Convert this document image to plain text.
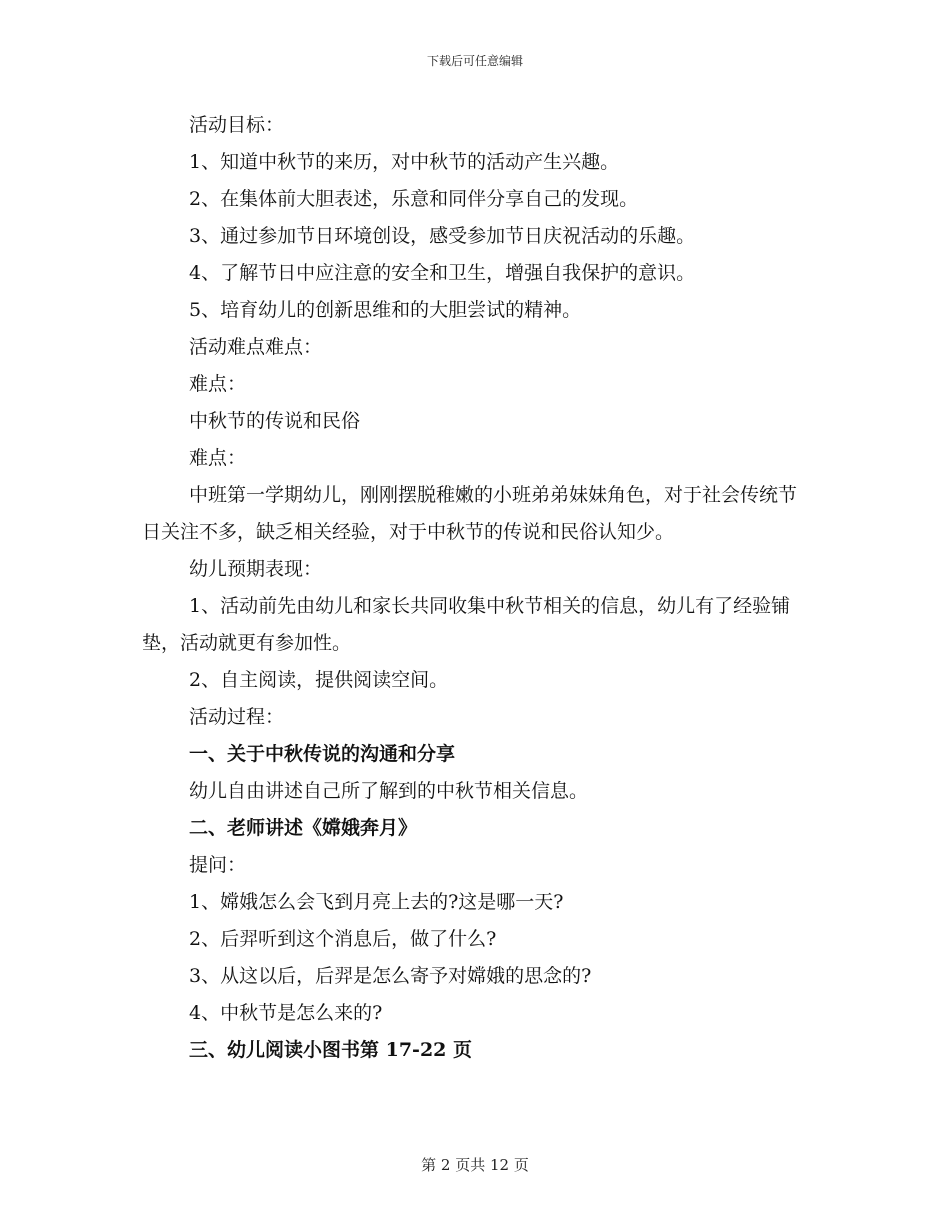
下载后可任意编辑

活动目标：

1、知道中秋节的来历，对中秋节的活动产生兴趣。

2、在集体前大胆表述，乐意和同伴分享自己的发现。

3、通过参加节日环境创设，感受参加节日庆祝活动的乐趣。

4、了解节日中应注意的安全和卫生，增强自我保护的意识。

5、培育幼儿的创新思维和的大胆尝试的精神。

活动难点难点：

难点：

中秋节的传说和民俗

难点：

中班第一学期幼儿，刚刚摆脱稚嫩的小班弟弟妹妹角色，对于社会传统节日关注不多，缺乏相关经验，对于中秋节的传说和民俗认知少。

幼儿预期表现：

1、活动前先由幼儿和家长共同收集中秋节相关的信息，幼儿有了经验铺垫，活动就更有参加性。

2、自主阅读，提供阅读空间。

活动过程：

一、关于中秋传说的沟通和分享

幼儿自由讲述自己所了解到的中秋节相关信息。

二、老师讲述《嫦娥奔月》

提问：

1、嫦娥怎么会飞到月亮上去的?这是哪一天?

2、后羿听到这个消息后，做了什么?

3、从这以后，后羿是怎么寄予对嫦娥的思念的?

4、中秋节是怎么来的?

三、幼儿阅读小图书第 17-22 页

第 2 页共 12 页
